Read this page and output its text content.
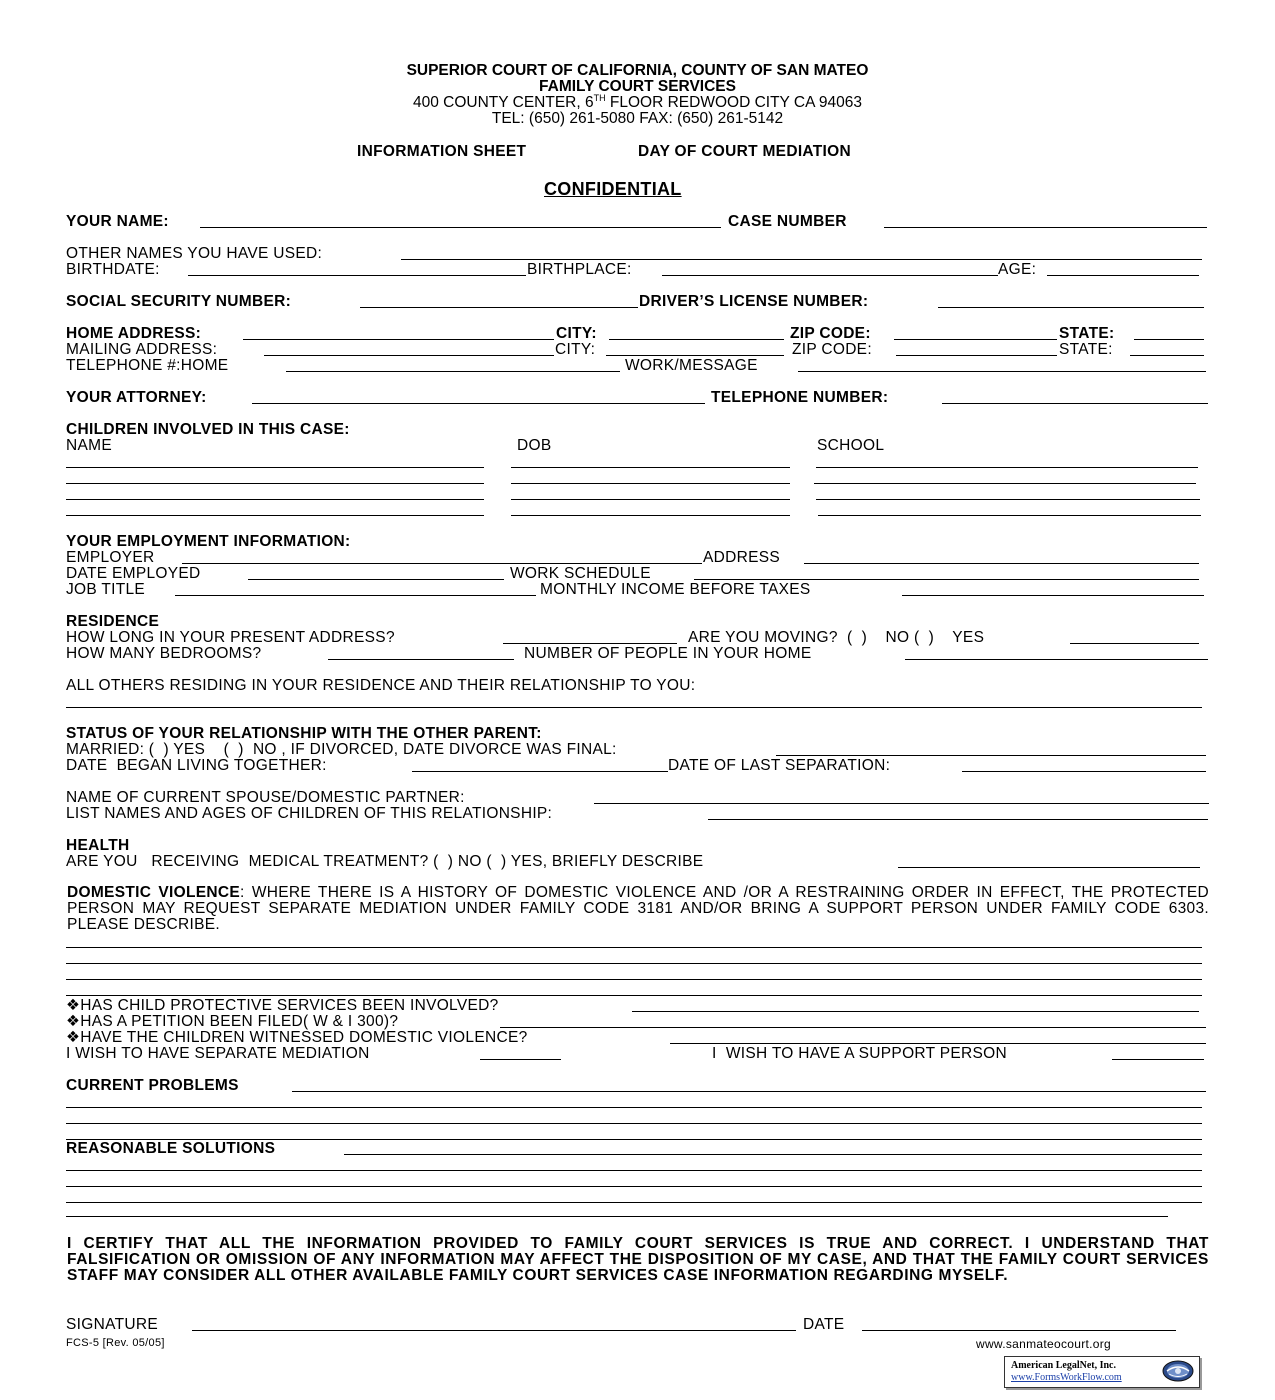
SUPERIOR COURT OF CALIFORNIA, COUNTY OF SAN MATEO
FAMILY COURT SERVICES
400 COUNTY CENTER, 6TH FLOOR REDWOOD CITY CA 94063
TEL: (650) 261-5080 FAX: (650) 261-5142
INFORMATION SHEET	DAY OF COURT MEDIATION
CONFIDENTIAL
YOUR NAME:	CASE NUMBER
OTHER NAMES YOU HAVE USED:
BIRTHDATE:	BIRTHPLACE:	AGE:
SOCIAL SECURITY NUMBER:	DRIVER’S LICENSE NUMBER:
HOME ADDRESS:	CITY:	ZIP CODE:	STATE:
MAILING ADDRESS:	CITY:	ZIP CODE:	STATE:
TELEPHONE #:HOME	WORK/MESSAGE
YOUR ATTORNEY:	TELEPHONE NUMBER:
CHILDREN INVOLVED IN THIS CASE:
NAME	DOB	SCHOOL
YOUR EMPLOYMENT INFORMATION:
EMPLOYER	ADDRESS
DATE EMPLOYED	WORK SCHEDULE
JOB TITLE	MONTHLY INCOME BEFORE TAXES
RESIDENCE
HOW LONG IN YOUR PRESENT ADDRESS?	ARE YOU MOVING?  (  )    NO (  )    YES
HOW MANY BEDROOMS?	NUMBER OF PEOPLE IN YOUR HOME
ALL OTHERS RESIDING IN YOUR RESIDENCE AND THEIR RELATIONSHIP TO YOU:
STATUS OF YOUR RELATIONSHIP WITH THE OTHER PARENT:
MARRIED: (  ) YES    (  )  NO , IF DIVORCED, DATE DIVORCE WAS FINAL:
DATE  BEGAN LIVING TOGETHER:	DATE OF LAST SEPARATION:
NAME OF CURRENT SPOUSE/DOMESTIC PARTNER:
LIST NAMES AND AGES OF CHILDREN OF THIS RELATIONSHIP:
HEALTH
ARE YOU   RECEIVING  MEDICAL TREATMENT? (  ) NO (  ) YES, BRIEFLY DESCRIBE
DOMESTIC VIOLENCE: WHERE THERE IS A HISTORY OF DOMESTIC VIOLENCE AND /OR A RESTRAINING ORDER IN EFFECT, THE PROTECTED PERSON MAY REQUEST SEPARATE MEDIATION UNDER FAMILY CODE 3181 AND/OR BRING A SUPPORT PERSON UNDER FAMILY CODE 6303. PLEASE DESCRIBE.
❖HAS CHILD PROTECTIVE SERVICES BEEN INVOLVED?
❖HAS A PETITION BEEN FILED( W & I 300)?
❖HAVE THE CHILDREN WITNESSED DOMESTIC VIOLENCE?
I WISH TO HAVE SEPARATE MEDIATION	I  WISH TO HAVE A SUPPORT PERSON
CURRENT PROBLEMS
REASONABLE SOLUTIONS
I CERTIFY THAT ALL THE INFORMATION PROVIDED TO FAMILY COURT SERVICES IS TRUE AND CORRECT. I UNDERSTAND THAT FALSIFICATION OR OMISSION OF ANY INFORMATION MAY AFFECT THE DISPOSITION OF MY CASE, AND THAT THE FAMILY COURT SERVICES STAFF MAY CONSIDER ALL OTHER AVAILABLE FAMILY COURT SERVICES CASE INFORMATION REGARDING MYSELF.
SIGNATURE	DATE
FCS-5 [Rev. 05/05]	www.sanmateocourt.org
American LegalNet, Inc.
www.FormsWorkFlow.com
